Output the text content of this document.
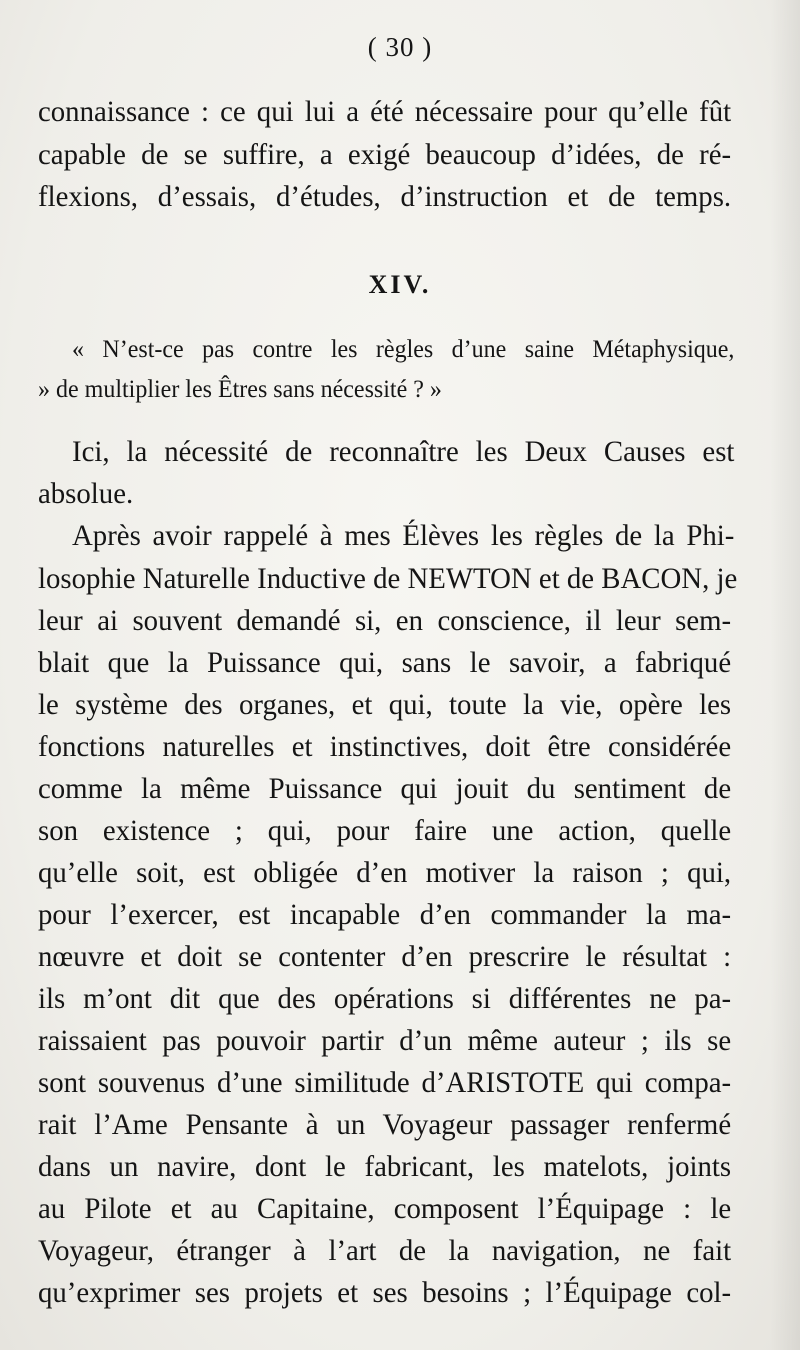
( 30 )
connaissance : ce qui lui a été nécessaire pour qu’elle fût
capable de se suffire, a exigé beaucoup d’idées, de ré-
flexions, d’essais, d’études, d’instruction et de temps.
XIV.
« N’est-ce pas contre les règles d’une saine Métaphysique,
» de multiplier les Êtres sans nécessité ? »
Ici, la nécessité de reconnaître les Deux Causes est
absolue.
Après avoir rappelé à mes Élèves les règles de la Phi-
losophie Naturelle Inductive de NEWTON et de BACON, je
leur ai souvent demandé si, en conscience, il leur sem-
blait que la Puissance qui, sans le savoir, a fabriqué
le système des organes, et qui, toute la vie, opère les
fonctions naturelles et instinctives, doit être considérée
comme la même Puissance qui jouit du sentiment de
son existence ; qui, pour faire une action, quelle
qu’elle soit, est obligée d’en motiver la raison ; qui,
pour l’exercer, est incapable d’en commander la ma-
nœuvre et doit se contenter d’en prescrire le résultat :
ils m’ont dit que des opérations si différentes ne pa-
raissaient pas pouvoir partir d’un même auteur ; ils se
sont souvenus d’une similitude d’ARISTOTE qui compa-
rait l’Ame Pensante à un Voyageur passager renfermé
dans un navire, dont le fabricant, les matelots, joints
au Pilote et au Capitaine, composent l’Équipage : le
Voyageur, étranger à l’art de la navigation, ne fait
qu’exprimer ses projets et ses besoins ; l’Équipage col-
